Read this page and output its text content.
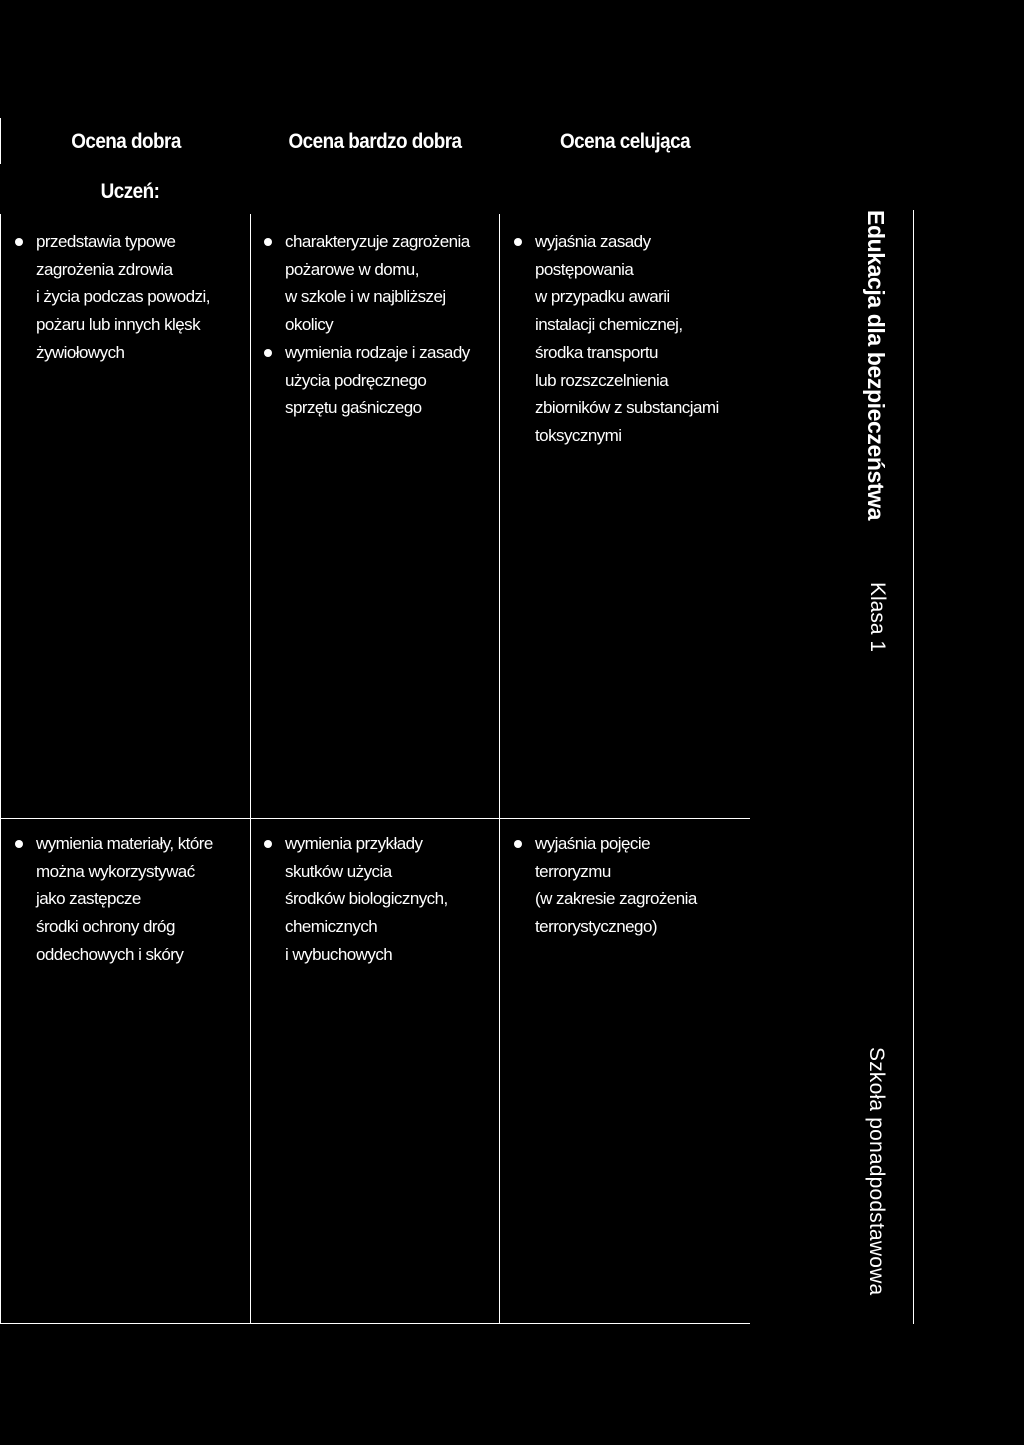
Ocena dobra	Ocena bardzo dobra	Ocena celująca
Uczeń:
przedstawia typowe
zagrożenia zdrowia
i życia podczas powodzi,
pożaru lub innych klęsk
żywiołowych
charakteryzuje zagrożenia
pożarowe w domu,
w szkole i w najbliższej
okolicy
wymienia rodzaje i zasady
użycia podręcznego
sprzętu gaśniczego
wyjaśnia zasady
postępowania
w przypadku awarii
instalacji chemicznej,
środka transportu
lub rozszczelnienia
zbiorników z substancjami
toksycznymi
wymienia materiały, które
można wykorzystywać
jako zastępcze
środki ochrony dróg
oddechowych i skóry
wymienia przykłady
skutków użycia
środków biologicznych,
chemicznych
i wybuchowych
wyjaśnia pojęcie
terroryzmu
(w zakresie zagrożenia
terrorystycznego)
Edukacja dla bezpieczeństwa
Klasa 1
Szkoła ponadpodstawowa
